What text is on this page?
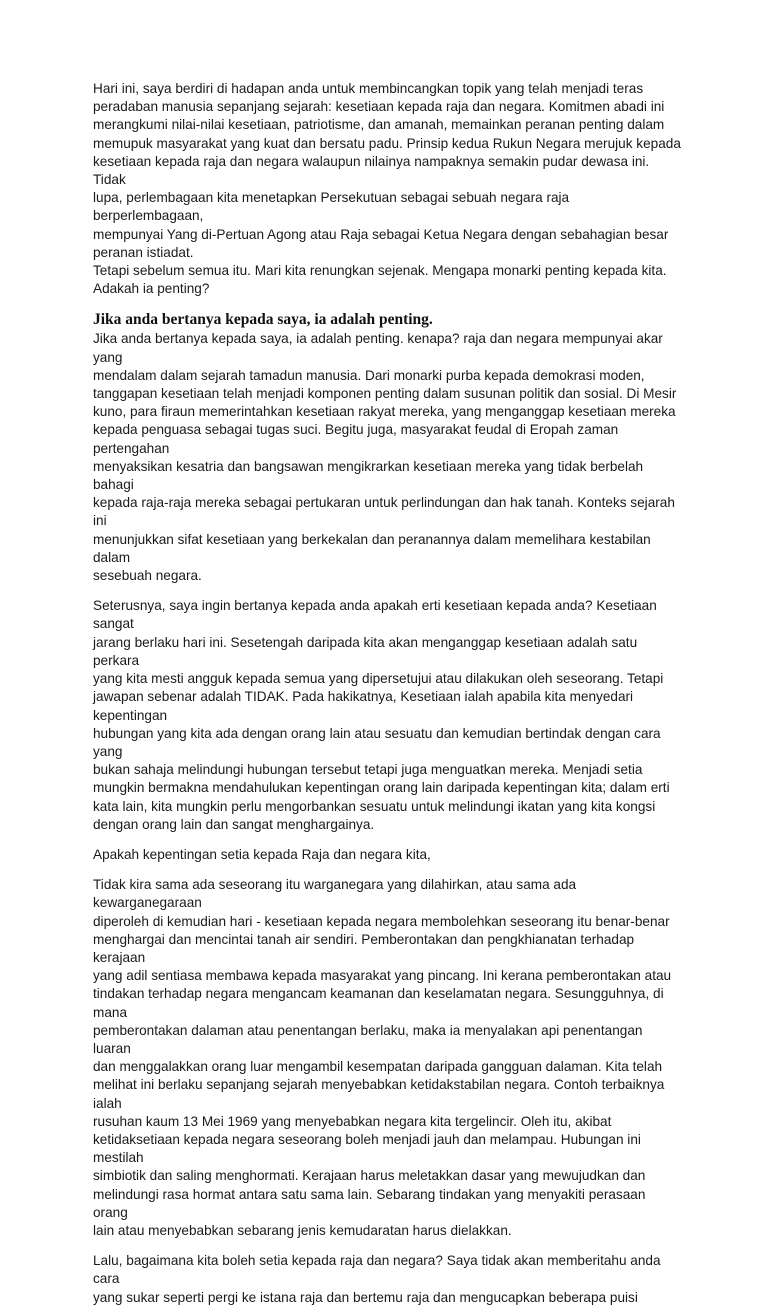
Hari ini, saya berdiri di hadapan anda untuk membincangkan topik yang telah menjadi teras
peradaban manusia sepanjang sejarah: kesetiaan kepada raja dan negara. Komitmen abadi ini
merangkumi nilai-nilai kesetiaan, patriotisme, dan amanah, memainkan peranan penting dalam
memupuk masyarakat yang kuat dan bersatu padu. Prinsip kedua Rukun Negara merujuk kepada
kesetiaan kepada raja dan negara walaupun nilainya nampaknya semakin pudar dewasa ini. Tidak
lupa, perlembagaan kita menetapkan Persekutuan sebagai sebuah negara raja berperlembagaan,
mempunyai Yang di-Pertuan Agong atau Raja sebagai Ketua Negara dengan sebahagian besar
peranan istiadat.

Tetapi sebelum semua itu. Mari kita renungkan sejenak. Mengapa monarki penting kepada kita.
Adakah ia penting?

Jika anda bertanya kepada saya, ia adalah penting.

Jika anda bertanya kepada saya, ia adalah penting. kenapa? raja dan negara mempunyai akar yang
mendalam dalam sejarah tamadun manusia. Dari monarki purba kepada demokrasi moden,
tanggapan kesetiaan telah menjadi komponen penting dalam susunan politik dan sosial. Di Mesir
kuno, para firaun memerintahkan kesetiaan rakyat mereka, yang menganggap kesetiaan mereka
kepada penguasa sebagai tugas suci. Begitu juga, masyarakat feudal di Eropah zaman pertengahan
menyaksikan kesatria dan bangsawan mengikrarkan kesetiaan mereka yang tidak berbelah bahagi
kepada raja-raja mereka sebagai pertukaran untuk perlindungan dan hak tanah. Konteks sejarah ini
menunjukkan sifat kesetiaan yang berkekalan dan peranannya dalam memelihara kestabilan dalam
sesebuah negara.

Seterusnya, saya ingin bertanya kepada anda apakah erti kesetiaan kepada anda? Kesetiaan sangat
jarang berlaku hari ini. Sesetengah daripada kita akan menganggap kesetiaan adalah satu perkara
yang kita mesti angguk kepada semua yang dipersetujui atau dilakukan oleh seseorang. Tetapi
jawapan sebenar adalah TIDAK. Pada hakikatnya, Kesetiaan ialah apabila kita menyedari kepentingan
hubungan yang kita ada dengan orang lain atau sesuatu dan kemudian bertindak dengan cara yang
bukan sahaja melindungi hubungan tersebut tetapi juga menguatkan mereka. Menjadi setia
mungkin bermakna mendahulukan kepentingan orang lain daripada kepentingan kita; dalam erti
kata lain, kita mungkin perlu mengorbankan sesuatu untuk melindungi ikatan yang kita kongsi
dengan orang lain dan sangat menghargainya.

Apakah kepentingan setia kepada Raja dan negara kita,

Tidak kira sama ada seseorang itu warganegara yang dilahirkan, atau sama ada kewarganegaraan
diperoleh di kemudian hari - kesetiaan kepada negara membolehkan seseorang itu benar-benar
menghargai dan mencintai tanah air sendiri. Pemberontakan dan pengkhianatan terhadap kerajaan
yang adil sentiasa membawa kepada masyarakat yang pincang. Ini kerana pemberontakan atau
tindakan terhadap negara mengancam keamanan dan keselamatan negara. Sesungguhnya, di mana
pemberontakan dalaman atau penentangan berlaku, maka ia menyalakan api penentangan luaran
dan menggalakkan orang luar mengambil kesempatan daripada gangguan dalaman. Kita telah
melihat ini berlaku sepanjang sejarah menyebabkan ketidakstabilan negara. Contoh terbaiknya ialah
rusuhan kaum 13 Mei 1969 yang menyebabkan negara kita tergelincir. Oleh itu, akibat
ketidaksetiaan kepada negara seseorang boleh menjadi jauh dan melampau. Hubungan ini mestilah
simbiotik dan saling menghormati. Kerajaan harus meletakkan dasar yang mewujudkan dan
melindungi rasa hormat antara satu sama lain. Sebarang tindakan yang menyakiti perasaan orang
lain atau menyebabkan sebarang jenis kemudaratan harus dielakkan.

Lalu, bagaimana kita boleh setia kepada raja dan negara? Saya tidak akan memberitahu anda cara
yang sukar seperti pergi ke istana raja dan bertemu raja dan mengucapkan beberapa puisi
